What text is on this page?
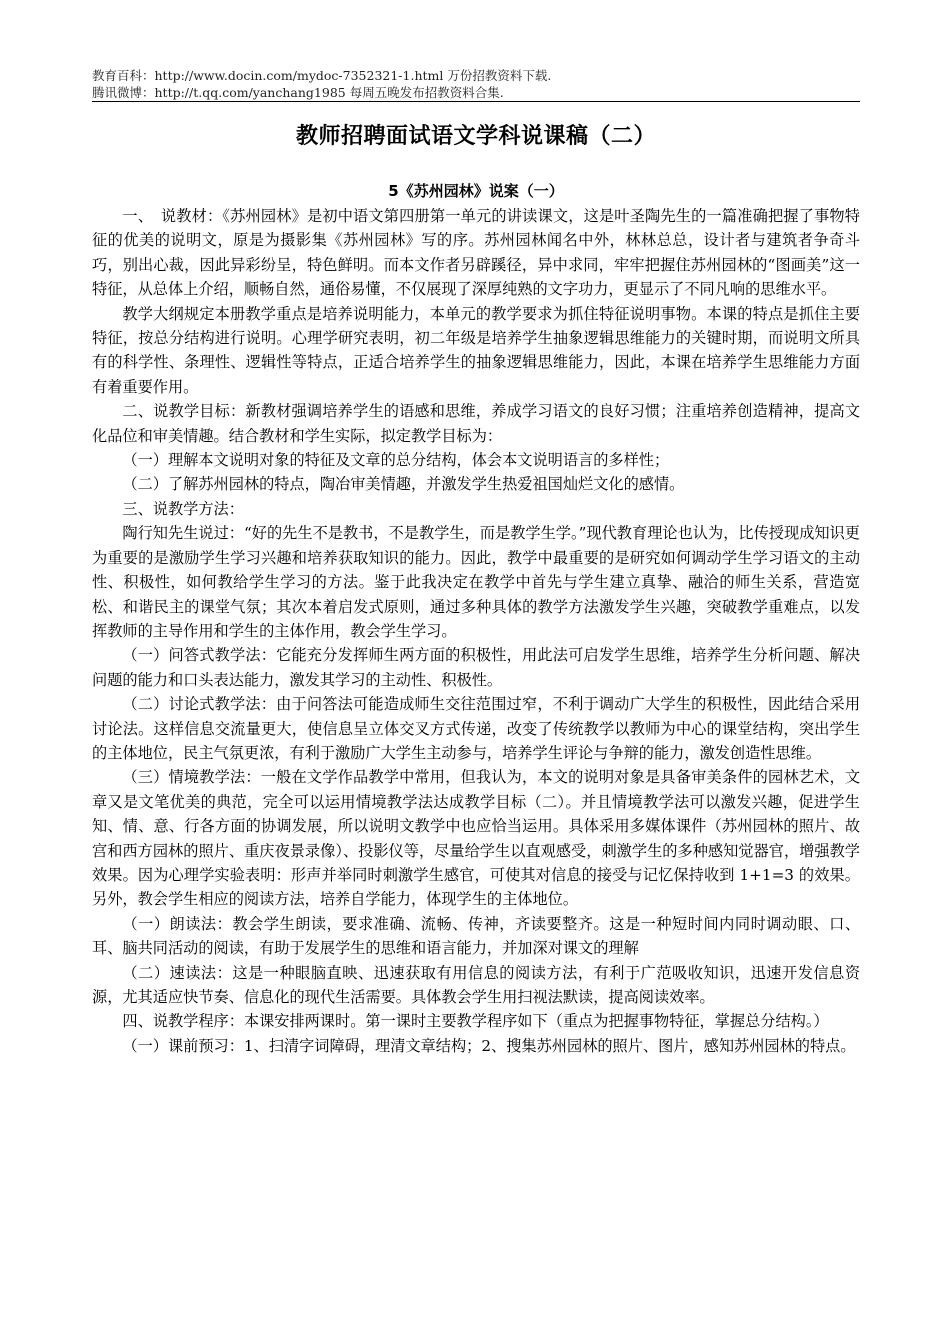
教育百科：http://www.docin.com/mydoc-7352321-1.html 万份招教资料下载.
腾讯微博：http://t.qq.com/yanchang1985 每周五晚发布招教资料合集.
教师招聘面试语文学科说课稿（二）
5《苏州园林》说案（一）

一、　说教材：《苏州园林》是初中语文第四册第一单元的讲读课文，这是叶圣陶先生的一篇准确把握了事物特征的优美的说明文，原是为摄影集《苏州园林》写的序。苏州园林闻名中外，林林总总，设计者与建筑者争奇斗巧，别出心裁，因此异彩纷呈，特色鲜明。而本文作者另辟蹊径，异中求同，牢牢把握住苏州园林的“图画美”这一特征，从总体上介绍，顺畅自然，通俗易懂，不仅展现了深厚纯熟的文字功力，更显示了不同凡响的思维水平。

教学大纲规定本册教学重点是培养说明能力，本单元的教学要求为抓住特征说明事物。本课的特点是抓住主要特征，按总分结构进行说明。心理学研究表明，初二年级是培养学生抽象逻辑思维能力的关键时期，而说明文所具有的科学性、条理性、逻辑性等特点，正适合培养学生的抽象逻辑思维能力，因此，本课在培养学生思维能力方面有着重要作用。

二、说教学目标：新教材强调培养学生的语感和思维，养成学习语文的良好习惯；注重培养创造精神，提高文化品位和审美情趣。结合教材和学生实际，拟定教学目标为：

（一）理解本文说明对象的特征及文章的总分结构，体会本文说明语言的多样性；

（二）了解苏州园林的特点，陶冶审美情趣，并激发学生热爱祖国灿烂文化的感情。

三、说教学方法：

陶行知先生说过：“好的先生不是教书，不是教学生，而是教学生学。”现代教育理论也认为，比传授现成知识更为重要的是激励学生学习兴趣和培养获取知识的能力。因此，教学中最重要的是研究如何调动学生学习语文的主动性、积极性，如何教给学生学习的方法。鉴于此我决定在教学中首先与学生建立真挚、融洽的师生关系，营造宽松、和谐民主的课堂气氛；其次本着启发式原则，通过多种具体的教学方法激发学生兴趣，突破教学重难点，以发挥教师的主导作用和学生的主体作用，教会学生学习。

（一）问答式教学法：它能充分发挥师生两方面的积极性，用此法可启发学生思维，培养学生分析问题、解决问题的能力和口头表达能力，激发其学习的主动性、积极性。

（二）讨论式教学法：由于问答法可能造成师生交往范围过窄，不利于调动广大学生的积极性，因此结合采用讨论法。这样信息交流量更大，使信息呈立体交叉方式传递，改变了传统教学以教师为中心的课堂结构，突出学生的主体地位，民主气氛更浓，有利于激励广大学生主动参与，培养学生评论与争辩的能力，激发创造性思维。

（三）情境教学法：一般在文学作品教学中常用，但我认为，本文的说明对象是具备审美条件的园林艺术，文章又是文笔优美的典范，完全可以运用情境教学法达成教学目标（二）。并且情境教学法可以激发兴趣，促进学生知、情、意、行各方面的协调发展，所以说明文教学中也应恰当运用。具体采用多媒体课件（苏州园林的照片、故宫和西方园林的照片、重庆夜景录像）、投影仪等，尽量给学生以直观感受，刺激学生的多种感知觉器官，增强教学效果。因为心理学实验表明：形声并举同时刺激学生感官，可使其对信息的接受与记忆保持收到 1+1=3 的效果。另外，教会学生相应的阅读方法，培养自学能力，体现学生的主体地位。

（一）朗读法：教会学生朗读，要求准确、流畅、传神，齐读要整齐。这是一种短时间内同时调动眼、口、耳、脑共同活动的阅读，有助于发展学生的思维和语言能力，并加深对课文的理解

（二）速读法：这是一种眼脑直映、迅速获取有用信息的阅读方法，有利于广范吸收知识，迅速开发信息资源，尤其适应快节奏、信息化的现代生活需要。具体教会学生用扫视法默读，提高阅读效率。

四、说教学程序：本课安排两课时。第一课时主要教学程序如下（重点为把握事物特征，掌握总分结构。）

（一）课前预习：1、扫清字词障碍，理清文章结构；2、搜集苏州园林的照片、图片，感知苏州园林的特点。
